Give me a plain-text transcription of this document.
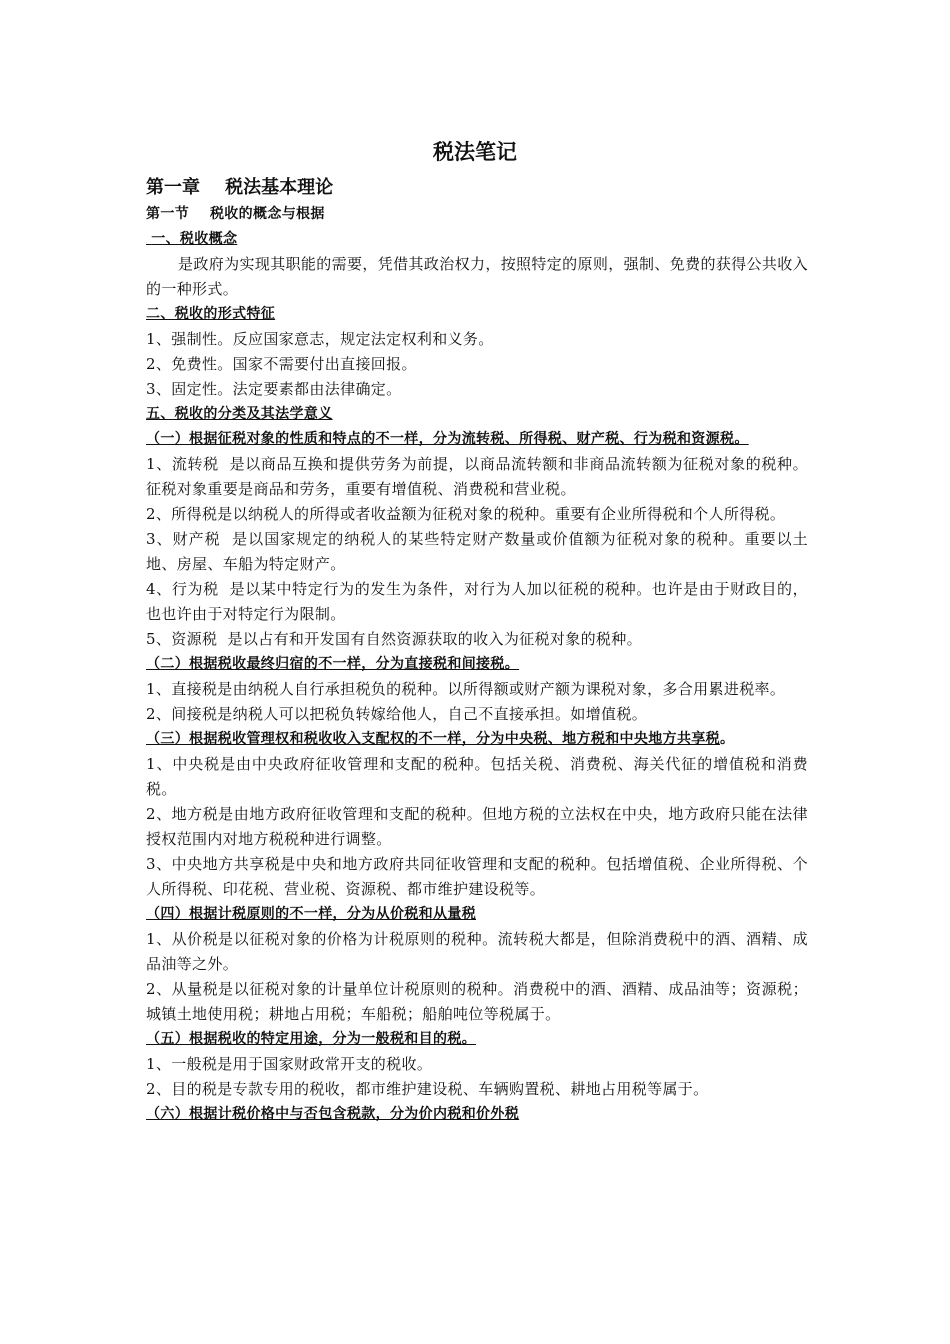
税法笔记
第一章    税法基本理论

第一节    税收的概念与根据

一、税收概念

是政府为实现其职能的需要，凭借其政治权力，按照特定的原则，强制、免费的获得公共收入的一种形式。

二、税收的形式特征

1、强制性。反应国家意志，规定法定权利和义务。

2、免费性。国家不需要付出直接回报。

3、固定性。法定要素都由法律确定。

五、税收的分类及其法学意义

（一）根据征税对象的性质和特点的不一样，分为流转税、所得税、财产税、行为税和资源税。

1、流转税  是以商品互换和提供劳务为前提，以商品流转额和非商品流转额为征税对象的税种。征税对象重要是商品和劳务，重要有增值税、消费税和营业税。

2、所得税是以纳税人的所得或者收益额为征税对象的税种。重要有企业所得税和个人所得税。

3、财产税  是以国家规定的纳税人的某些特定财产数量或价值额为征税对象的税种。重要以土地、房屋、车船为特定财产。

4、行为税  是以某中特定行为的发生为条件，对行为人加以征税的税种。也许是由于财政目的，也也许由于对特定行为限制。

5、资源税  是以占有和开发国有自然资源获取的收入为征税对象的税种。

（二）根据税收最终归宿的不一样，分为直接税和间接税。

1、直接税是由纳税人自行承担税负的税种。以所得额或财产额为课税对象，多合用累进税率。

2、间接税是纳税人可以把税负转嫁给他人，自己不直接承担。如增值税。

（三）根据税收管理权和税收收入支配权的不一样，分为中央税、地方税和中央地方共享税。

1、中央税是由中央政府征收管理和支配的税种。包括关税、消费税、海关代征的增值税和消费税。

2、地方税是由地方政府征收管理和支配的税种。但地方税的立法权在中央，地方政府只能在法律授权范围内对地方税税种进行调整。

3、中央地方共享税是中央和地方政府共同征收管理和支配的税种。包括增值税、企业所得税、个人所得税、印花税、营业税、资源税、都市维护建设税等。

（四）根据计税原则的不一样，分为从价税和从量税

1、从价税是以征税对象的价格为计税原则的税种。流转税大都是，但除消费税中的酒、酒精、成品油等之外。

2、从量税是以征税对象的计量单位计税原则的税种。消费税中的酒、酒精、成品油等；资源税；城镇土地使用税；耕地占用税；车船税；船舶吨位等税属于。

（五）根据税收的特定用途，分为一般税和目的税。

1、一般税是用于国家财政常开支的税收。

2、目的税是专款专用的税收，都市维护建设税、车辆购置税、耕地占用税等属于。

（六）根据计税价格中与否包含税款，分为价内税和价外税
